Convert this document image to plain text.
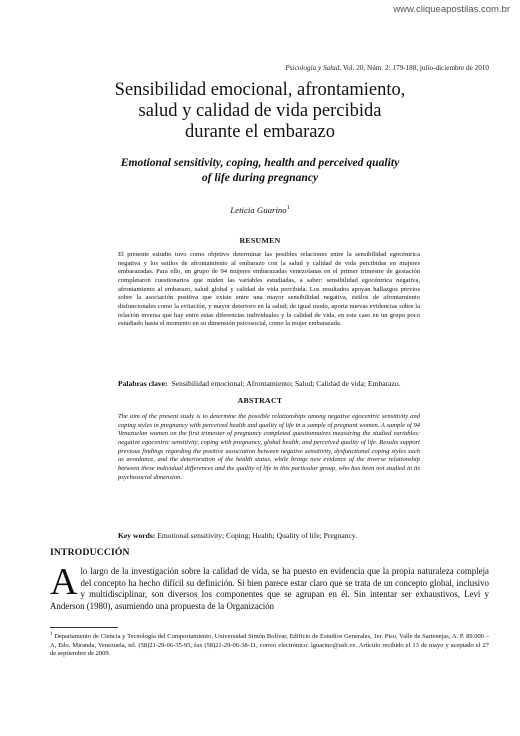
www.cliqueapostilas.com.br
Psicología y Salud, Vol. 20, Núm. 2: 179-188, julio-diciembre de 2010
Sensibilidad emocional, afrontamiento,
salud y calidad de vida percibida
durante el embarazo
Emotional sensitivity, coping, health and perceived quality
of life during pregnancy
Leticia Guarino$^1$
RESUMEN

El presente estudio tuvo como objetivo determinar las posibles relaciones entre la sensibilidad egocéntrica negativa y los estilos de afrontamiento al embarazo con la salud y calidad de vida percibidas en mujeres embarazadas. Para ello, un grupo de 94 mujeres embarazadas venezolanas en el primer trimestre de gestación completaron cuestionarios que miden las variables estudiadas, a saber: sensibilidad egocéntrica negativa, afrontamiento al embarazo, salud global y calidad de vida percibida. Los resultados apoyan hallazgos previos sobre la asociación positiva que existe entre una mayor sensibilidad negativa, estilos de afrontamiento disfuncionales como la evitación, y mayor deterioro en la salud; de igual modo, aporta nuevas evidencias sobre la relación inversa que hay entre estas diferencias individuales y la calidad de vida, en este caso en un grupo poco estudiado hasta el momento en su dimensión psicosocial, como la mujer embarazada.

Palabras clave: Sensibilidad emocional; Afrontamiento; Salud; Calidad de vida; Embarazo.
ABSTRACT

The aim of the present study is to determine the possible relationships among negative egocentric sensitivity and coping styles in pregnancy with perceived health and quality of life in a sample of pregnant women. A sample of 94 Venezuelan women on the first trimester of pregnancy completed questionnaires measuring the studied variables: negative egocentric sensitivity, coping with pregnancy, global health, and perceived quality of life. Results support previous findings regarding the positive association between negative sensitivity, dysfunctional coping styles such as avoidance, and the deterioration of the health status, while brings new evidence of the inverse relationship between these individual differences and the quality of life in this particular group, who has been not studied in its psychosocial dimension.

Key words: Emotional sensitivity; Coping; Health; Quality of life; Pregnancy.
INTRODUCCIÓN

Alo largo de la investigación sobre la calidad de vida, se ha puesto en evidencia que la propia naturaleza compleja del concepto ha hecho difícil su definición. Si bien parece estar claro que se trata de un concepto global, inclusivo y multidisciplinar, son diversos los componentes que se agrupan en él. Sin intentar ser exhaustivos, Levi y Anderson (1980), asumiendo una propuesta de la Organización

$^1$ Departamento de Ciencia y Tecnología del Comportamiento, Universidad Simón Bolívar, Edificio de Estudios Generales, 1er. Piso, Valle de Sartenejas, A. P. 89.000 – A, Edo. Miranda, Venezuela, tel. (58)21-29-06-35-95, fax (58)21-29-06-38-11, correo electrónico: lguarino@usb.ve. Artículo recibido el 13 de mayo y aceptado el 27 de septiembre de 2009.
